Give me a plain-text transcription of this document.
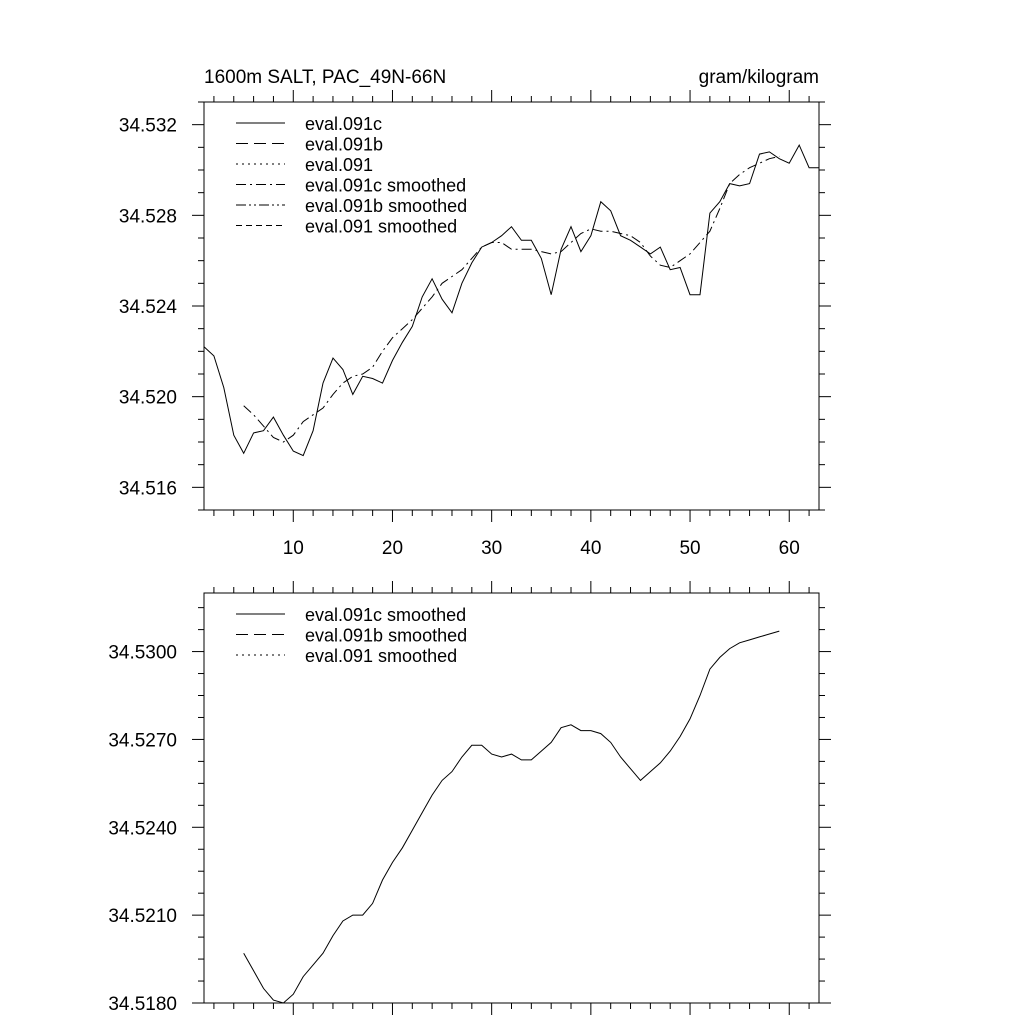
1600m SALT, PAC_49N-66N	gram/kilogram
10	20	30	40	50	60
34.516
34.520
34.524
34.528
34.532	eval.091c
eval.091b
eval.091
eval.091c smoothed
eval.091b smoothed
eval.091 smoothed
34.5180
34.5210
34.5240
34.5270
34.5300
eval.091c smoothed
eval.091b smoothed
eval.091 smoothed
